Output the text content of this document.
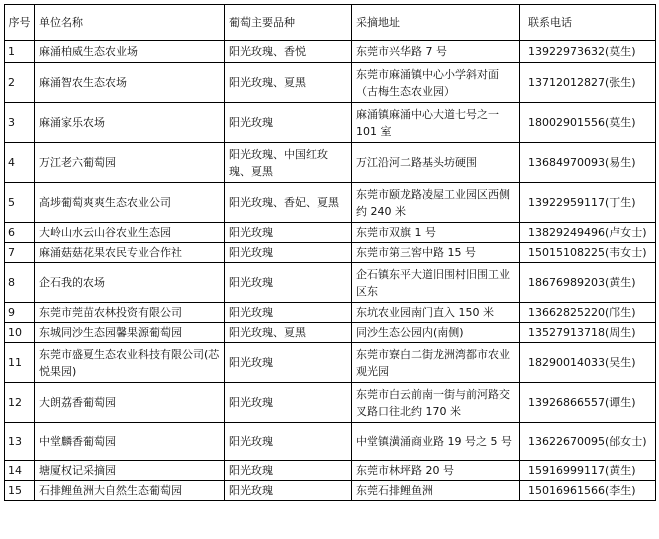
序号	单位名称	葡萄主要品种	采摘地址	联系电话
1	麻涌柏威生态农业场	阳光玫瑰、香悦	东莞市兴华路 7 号	13922973632(莫生)
2	麻涌智农生态农场	阳光玫瑰、夏黑	东莞市麻涌镇中心小学斜对面（古梅生态农业园）	13712012827(张生)
3	麻涌家乐农场	阳光玫瑰	麻涌镇麻涌中心大道七号之一 101 室	18002901556(莫生)
4	万江老六葡萄园	阳光玫瑰、中国红玫瑰、夏黑	万江沿河二路基头坊硬围	13684970093(易生)
5	高埗葡萄爽爽生态农业公司	阳光玫瑰、香妃、夏黑	东莞市颐龙路凌屋工业园区西侧约 240 米	13922959117(丁生)
6	大岭山水云山谷农业生态园	阳光玫瑰	东莞市双旗 1 号	13829249496(卢女士)
7	麻涌菇菇花果农民专业合作社	阳光玫瑰	东莞市第三窖中路 15 号	15015108225(韦女士)
8	企石我的农场	阳光玫瑰	企石镇东平大道旧围村旧围工业区东	18676989203(黄生)
9	东莞市莞苗农林投资有限公司	阳光玫瑰	东坑农业园南门直入 150 米	13662825220(邝生)
10	东城同沙生态园馨果源葡萄园	阳光玫瑰、夏黑	同沙生态公园内(南侧)	13527913718(周生)
11	东莞市盛夏生态农业科技有限公司(芯悦果园)	阳光玫瑰	东莞市寮白二街龙洲湾都市农业观光园	18290014033(吴生)
12	大朗荔香葡萄园	阳光玫瑰	东莞市白云前南一街与前河路交叉路口往北约 170 米	13926866557(谭生)
13	中堂麟香葡萄园	阳光玫瑰	中堂镇潢涌商业路 19 号之 5 号	13622670095(邰女士)
14	塘厦权记采摘园	阳光玫瑰	东莞市林坪路 20 号	15916999117(黄生)
15	石排鲤鱼洲大自然生态葡萄园	阳光玫瑰	东莞石排鲤鱼洲	15016961566(李生)
